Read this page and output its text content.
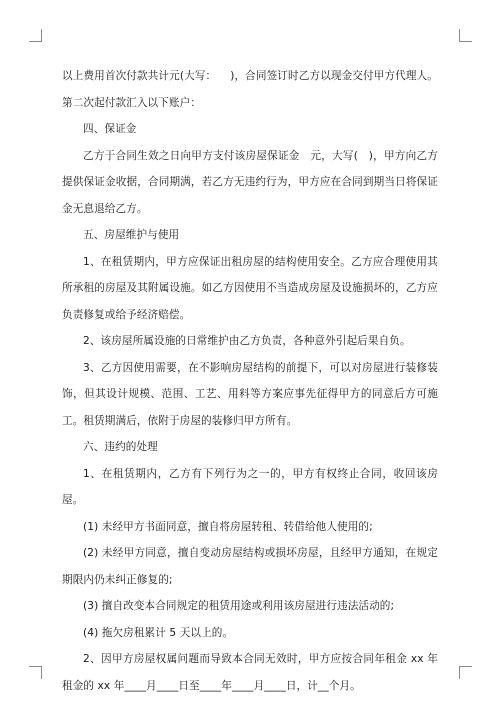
以上费用首次付款共计元(大写：    )，合同签订时乙方以现金交付甲方代理人。第二次起付款汇入以下账户：

四、保证金

乙方于合同生效之日向甲方支付该房屋保证金   元，大写(   )，甲方向乙方提供保证金收据，合同期满，若乙方无违约行为，甲方应在合同到期当日将保证金无息退给乙方。

五、房屋维护与使用

1、在租赁期内，甲方应保证出租房屋的结构使用安全。乙方应合理使用其所承租的房屋及其附属设施。如乙方因使用不当造成房屋及设施损坏的，乙方应负责修复或给予经济赔偿。

2、该房屋所属设施的日常维护由乙方负责，各种意外引起后果自负。

3、乙方因使用需要，在不影响房屋结构的前提下，可以对房屋进行装修装饰，但其设计规模、范围、工艺、用料等方案应事先征得甲方的同意后方可施工。租赁期满后，依附于房屋的装修归甲方所有。

六、违约的处理

1、在租赁期内，乙方有下列行为之一的，甲方有权终止合同，收回该房屋。

(1) 未经甲方书面同意，擅自将房屋转租、转借给他人使用的;

(2) 未经甲方同意，擅自变动房屋结构或损坏房屋，且经甲方通知，在规定期限内仍未纠正修复的;

(3) 擅自改变本合同规定的租赁用途或利用该房屋进行违法活动的;

(4) 拖欠房租累计 5 天以上的。

2、因甲方房屋权属问题而导致本合同无效时，甲方应按合同年租金 xx 年租金的 xx 年____月____日至____年____月____日，计__个月。
